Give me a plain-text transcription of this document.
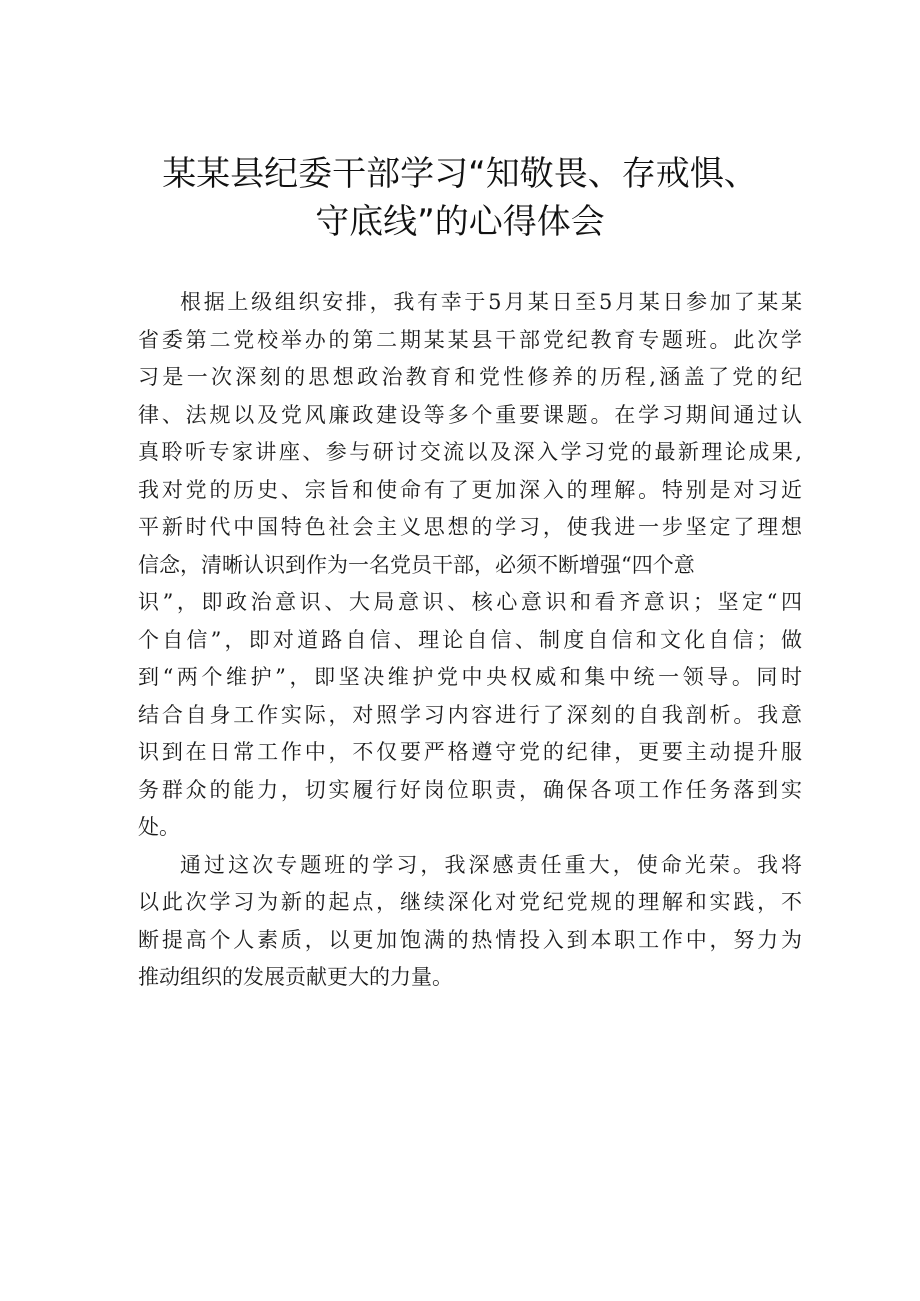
某某县纪委干部学习“知敬畏、存戒惧、
守底线”的心得体会
根据上级组织安排，我有幸于5月某日至5月某日参加了某某
省委第二党校举办的第二期某某县干部党纪教育专题班。此次学
习是一次深刻的思想政治教育和党性修养的历程,涵盖了党的纪
律、法规以及党风廉政建设等多个重要课题。在学习期间通过认
真聆听专家讲座、参与研讨交流以及深入学习党的最新理论成果,
我对党的历史、宗旨和使命有了更加深入的理解。特别是对习近
平新时代中国特色社会主义思想的学习，使我进一步坚定了理想
信念，清晰认识到作为一名党员干部，必须不断增强“四个意
识”，即政治意识、大局意识、核心意识和看齐意识；坚定“四
个自信”，即对道路自信、理论自信、制度自信和文化自信；做
到“两个维护”，即坚决维护党中央权威和集中统一领导。同时
结合自身工作实际，对照学习内容进行了深刻的自我剖析。我意
识到在日常工作中，不仅要严格遵守党的纪律，更要主动提升服
务群众的能力，切实履行好岗位职责，确保各项工作任务落到实
处。
通过这次专题班的学习，我深感责任重大，使命光荣。我将
以此次学习为新的起点，继续深化对党纪党规的理解和实践，不
断提高个人素质，以更加饱满的热情投入到本职工作中，努力为
推动组织的发展贡献更大的力量。
